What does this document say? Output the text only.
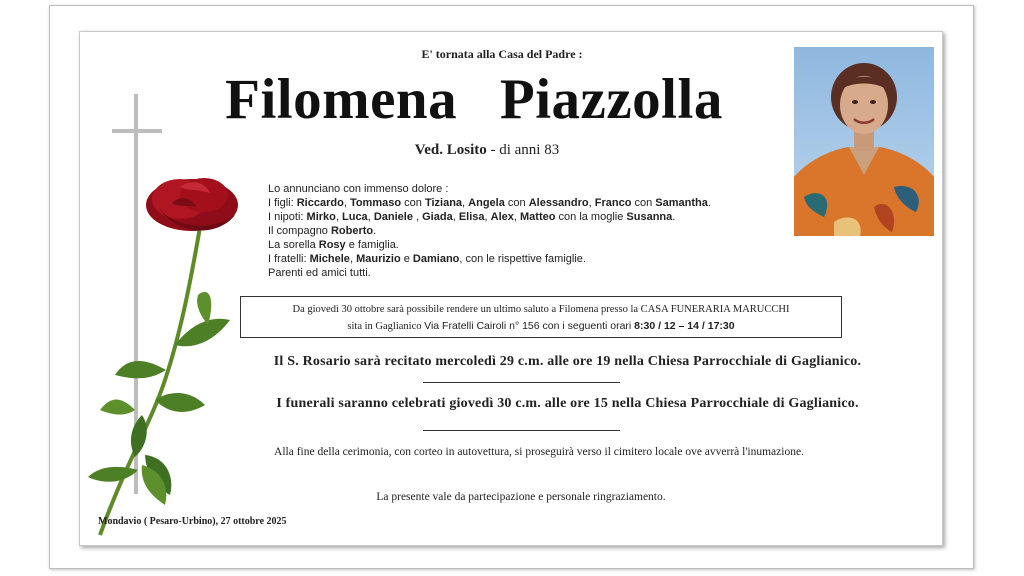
E' tornata alla Casa del Padre :
Filomena Piazzolla
Ved. Losito - di anni 83
Lo annunciano con immenso dolore :
I figli: Riccardo, Tommaso con Tiziana, Angela con Alessandro, Franco con Samantha.
I nipoti: Mirko, Luca, Daniele , Giada, Elisa, Alex, Matteo con la moglie Susanna.
Il compagno Roberto.
La sorella Rosy e famiglia.
I fratelli: Michele, Maurizio e Damiano, con le rispettive famiglie.
Parenti ed amici tutti.
Da giovedì 30 ottobre sarà possibile rendere un ultimo saluto a Filomena presso la CASA FUNERARIA MARUCCHI
sita in Gaglianico Via Fratelli Cairoli n° 156 con i seguenti orari 8:30 / 12 – 14 / 17:30
Il S. Rosario sarà recitato mercoledì 29 c.m. alle ore 19 nella Chiesa Parrocchiale di Gaglianico.
I funerali saranno celebrati giovedì 30 c.m. alle ore 15 nella Chiesa Parrocchiale di Gaglianico.
Alla fine della cerimonia, con corteo in autovettura, si proseguirà verso il cimitero locale ove avverrà l'inumazione.
La presente vale da partecipazione e personale ringraziamento.
Mondavio ( Pesaro-Urbino), 27 ottobre 2025
